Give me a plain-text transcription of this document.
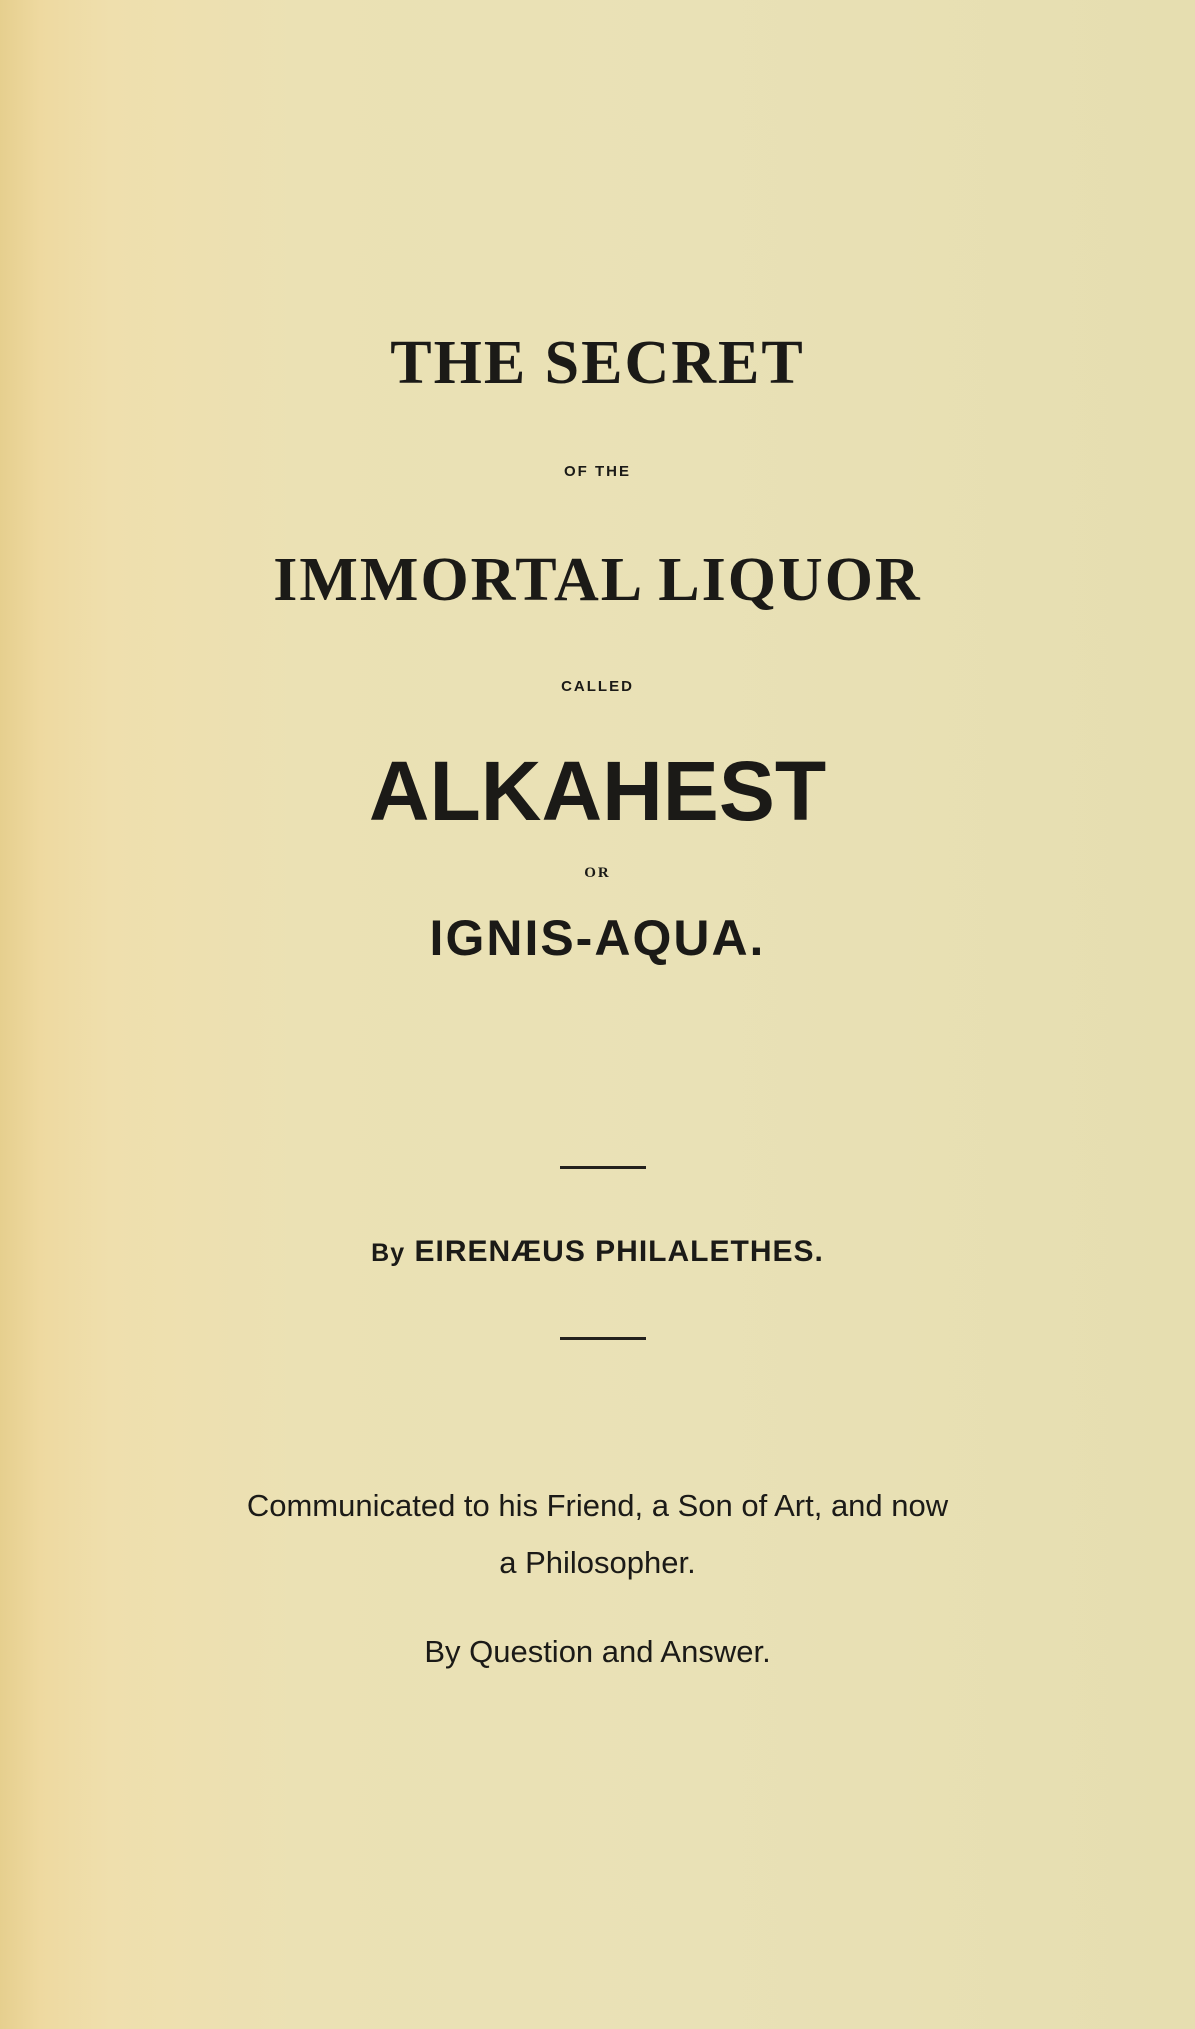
THE SECRET

OF THE

IMMORTAL LIQUOR

CALLED

ALKAHEST

OR

IGNIS-AQUA.

By EIRENÆUS PHILALETHES.

Communicated to his Friend, a Son of Art, and now

a Philosopher.

By Question and Answer.
